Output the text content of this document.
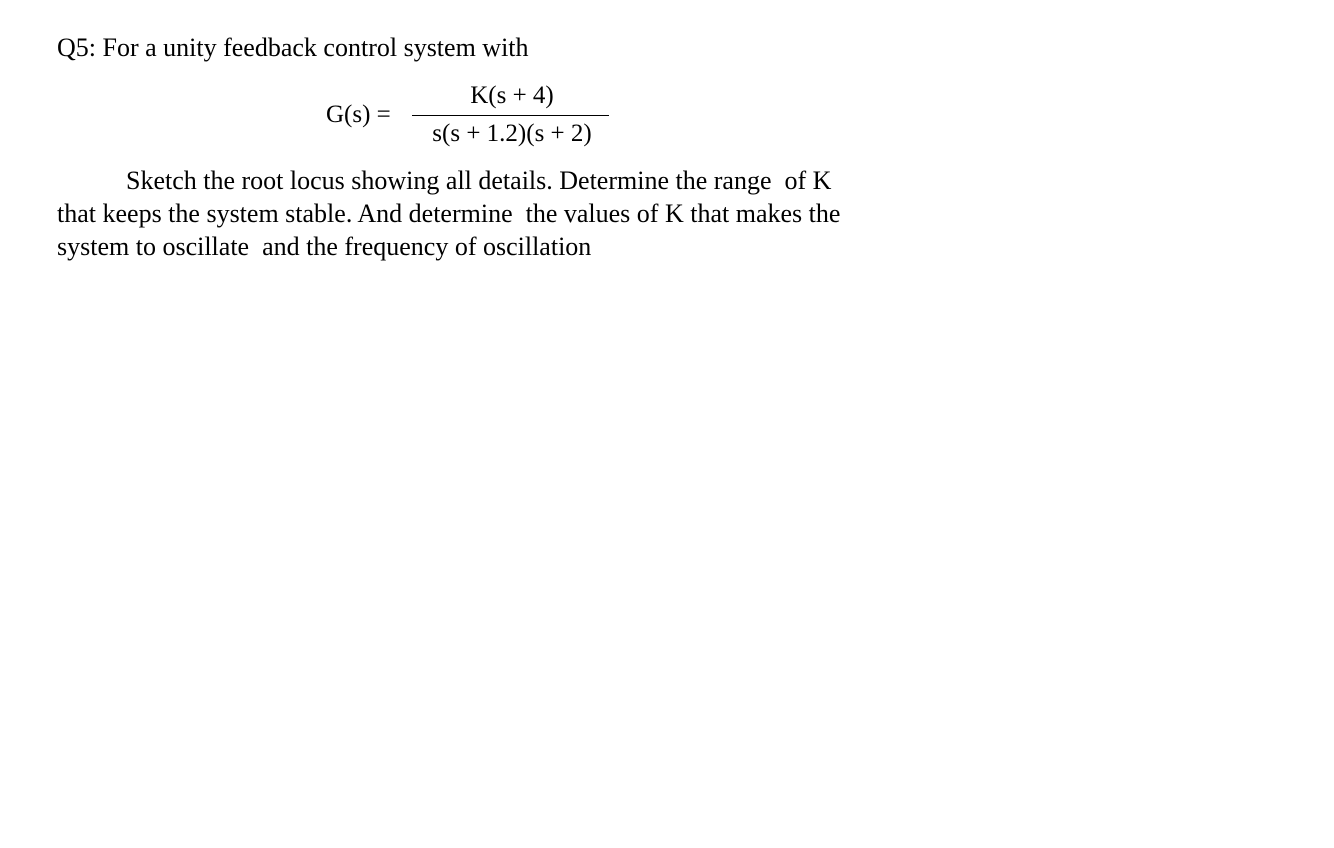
Q5: For a unity feedback control system with
G(s) =
K(s + 4)
s(s + 1.2)(s + 2)
Sketch the root locus showing all details. Determine the range  of K
that keeps the system stable. And determine  the values of K that makes the
system to oscillate  and the frequency of oscillation
